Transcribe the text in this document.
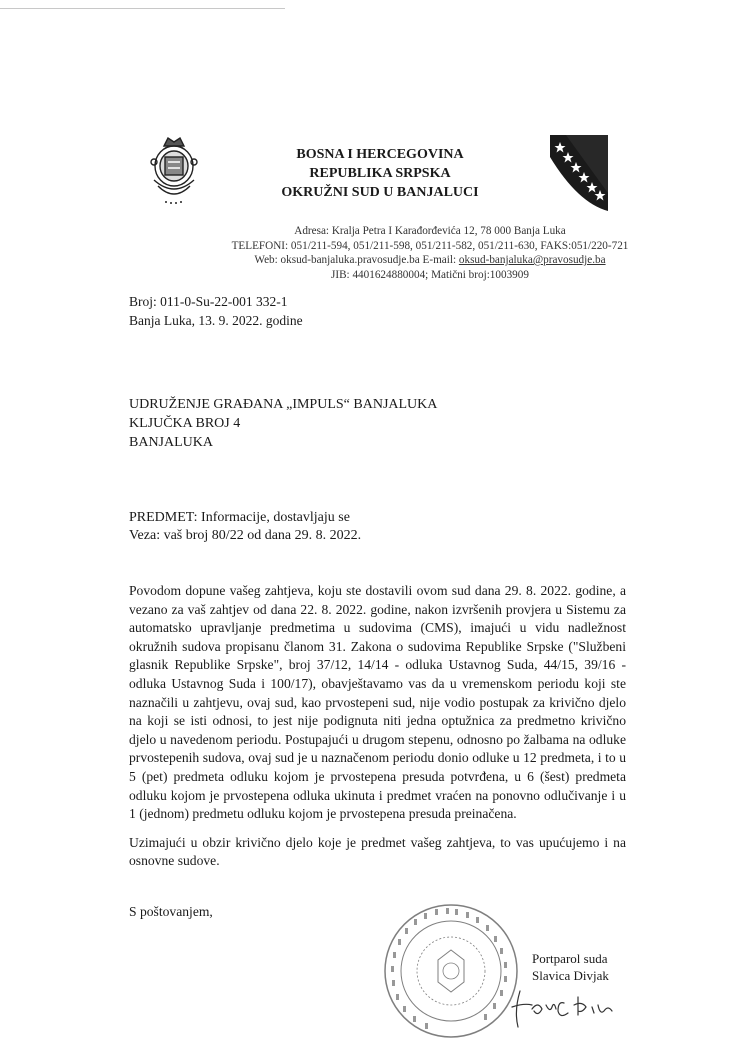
BOSNA I HERCEGOVINA
REPUBLIKA SRPSKA
OKRUŽNI SUD U BANJALUCI
Adresa: Kralja Petra I Karađorđevića 12, 78 000 Banja Luka
TELEFONI: 051/211-594, 051/211-598, 051/211-582, 051/211-630, FAKS:051/220-721
Web: oksud-banjaluka.pravosudje.ba E-mail: oksud-banjaluka@pravosudje.ba
JIB: 4401624880004; Matični broj:1003909
Broj: 011-0-Su-22-001 332-1
Banja Luka, 13. 9. 2022. godine
UDRUŽENJE GRAĐANA „IMPULS“ BANJALUKA
KLJUČKA BROJ 4
BANJALUKA
PREDMET: Informacije, dostavljaju se
Veza: vaš broj 80/22 od dana 29. 8. 2022.

Povodom dopune vašeg zahtjeva, koju ste dostavili ovom sud dana 29. 8. 2022. godine, a vezano za vaš zahtjev od dana 22. 8. 2022. godine, nakon izvršenih provjera u Sistemu za automatsko upravljanje predmetima u sudovima (CMS), imajući u vidu nadležnost okružnih sudova propisanu članom 31. Zakona o sudovima Republike Srpske ("Službeni glasnik Republike Srpske", broj 37/12, 14/14 - odluka Ustavnog Suda, 44/15, 39/16 - odluka Ustavnog Suda i 100/17), obavještavamo vas da u vremenskom periodu koji ste naznačili u zahtjevu, ovaj sud, kao prvostepeni sud, nije vodio postupak za krivično djelo na koji se isti odnosi, to jest nije podignuta niti jedna optužnica za predmetno krivično djelo u navedenom periodu. Postupajući u drugom stepenu, odnosno po žalbama na odluke prvostepenih sudova, ovaj sud je u naznačenom periodu donio odluke u 12 predmeta, i to u 5 (pet) predmeta odluku kojom je prvostepena presuda potvrđena, u 6 (šest) predmeta odluku kojom je prvostepena odluka ukinuta i predmet vraćen na ponovno odlučivanje i u 1 (jednom) predmetu odluku kojom je prvostepena presuda preinačena.

Uzimajući u obzir krivično djelo koje je predmet vašeg zahtjeva, to vas upućujemo i na osnovne sudove.

S poštovanjem,
Portparol suda
Slavica Divjak
